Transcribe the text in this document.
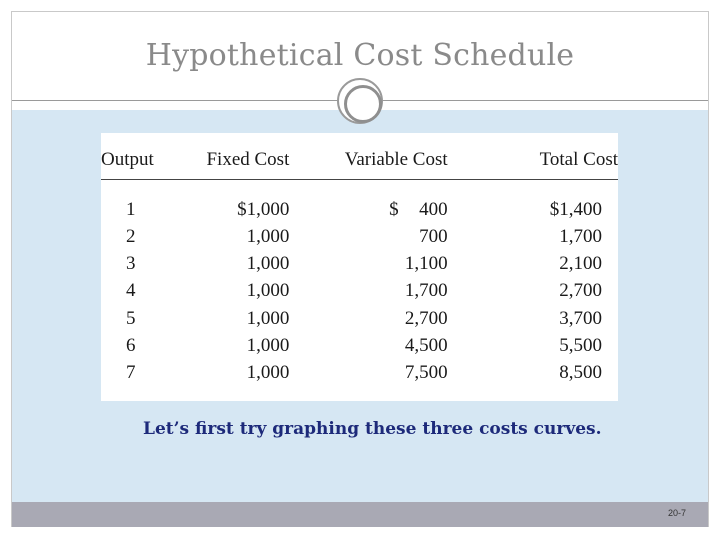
Hypothetical Cost Schedule
Output	Fixed Cost	Variable Cost	Total Cost
1	$1,000	$ 400	$1,400
2	1,000	700	1,700
3	1,000	1,100	2,100
4	1,000	1,700	2,700
5	1,000	2,700	3,700
6	1,000	4,500	5,500
7	1,000	7,500	8,500
Let’s first try graphing these three costs curves.
20-7
